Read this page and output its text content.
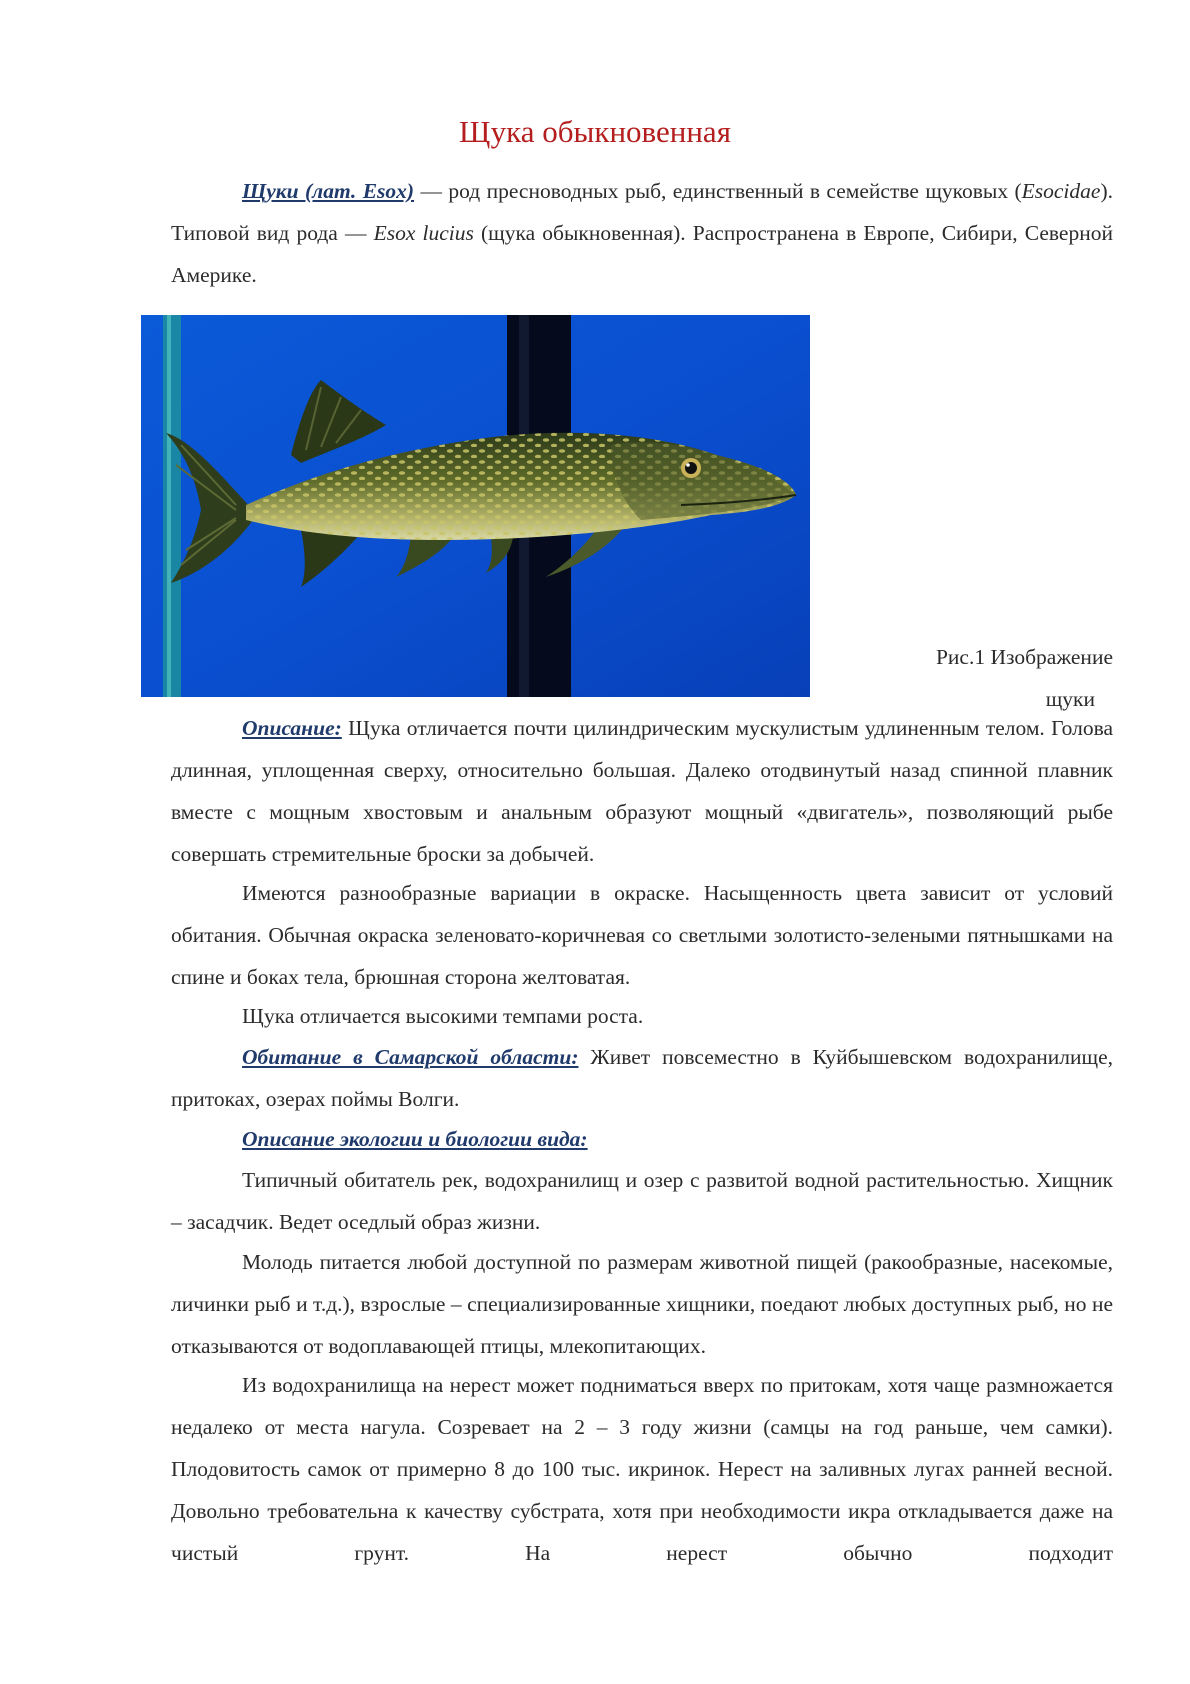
Щука обыкновенная

Щуки (лат. Esox) — род пресноводных рыб, единственный в семействе щуковых (Esocidae). Типовой вид рода — Esox lucius (щука обыкновенная). Распространена в Европе, Сибири, Северной Америке.

Рис.1 Изображение
щуки

Описание: Щука отличается почти цилиндрическим мускулистым удлиненным телом. Голова длинная, уплощенная сверху, относительно большая. Далеко отодвинутый назад спинной плавник вместе с мощным хвостовым и анальным образуют мощный «двигатель», позволяющий рыбе совершать стремительные броски за добычей.

Имеются разнообразные вариации в окраске. Насыщенность цвета зависит от условий обитания. Обычная окраска зеленовато-коричневая со светлыми золотисто-зелеными пятнышками на спине и боках тела, брюшная сторона желтоватая.

Щука отличается высокими темпами роста.

Обитание в Самарской области: Живет повсеместно в Куйбышевском водохранилище, притоках, озерах поймы Волги.

Описание экологии и биологии вида:

Типичный обитатель рек, водохранилищ и озер с развитой водной растительностью. Хищник – засадчик. Ведет оседлый образ жизни.

Молодь питается любой доступной по размерам животной пищей (ракообразные, насекомые, личинки рыб и т.д.), взрослые – специализированные хищники, поедают любых доступных рыб, но не отказываются от водоплавающей птицы, млекопитающих.

Из водохранилища на нерест может подниматься вверх по притокам, хотя чаще размножается недалеко от места нагула. Созревает на 2 – 3 году жизни (самцы на год раньше, чем самки). Плодовитость самок от примерно 8 до 100 тыс. икринок. Нерест на заливных лугах ранней весной. Довольно требовательна к качеству субстрата, хотя при необходимости икра откладывается даже на чистый грунт. На нерест обычно подходит
